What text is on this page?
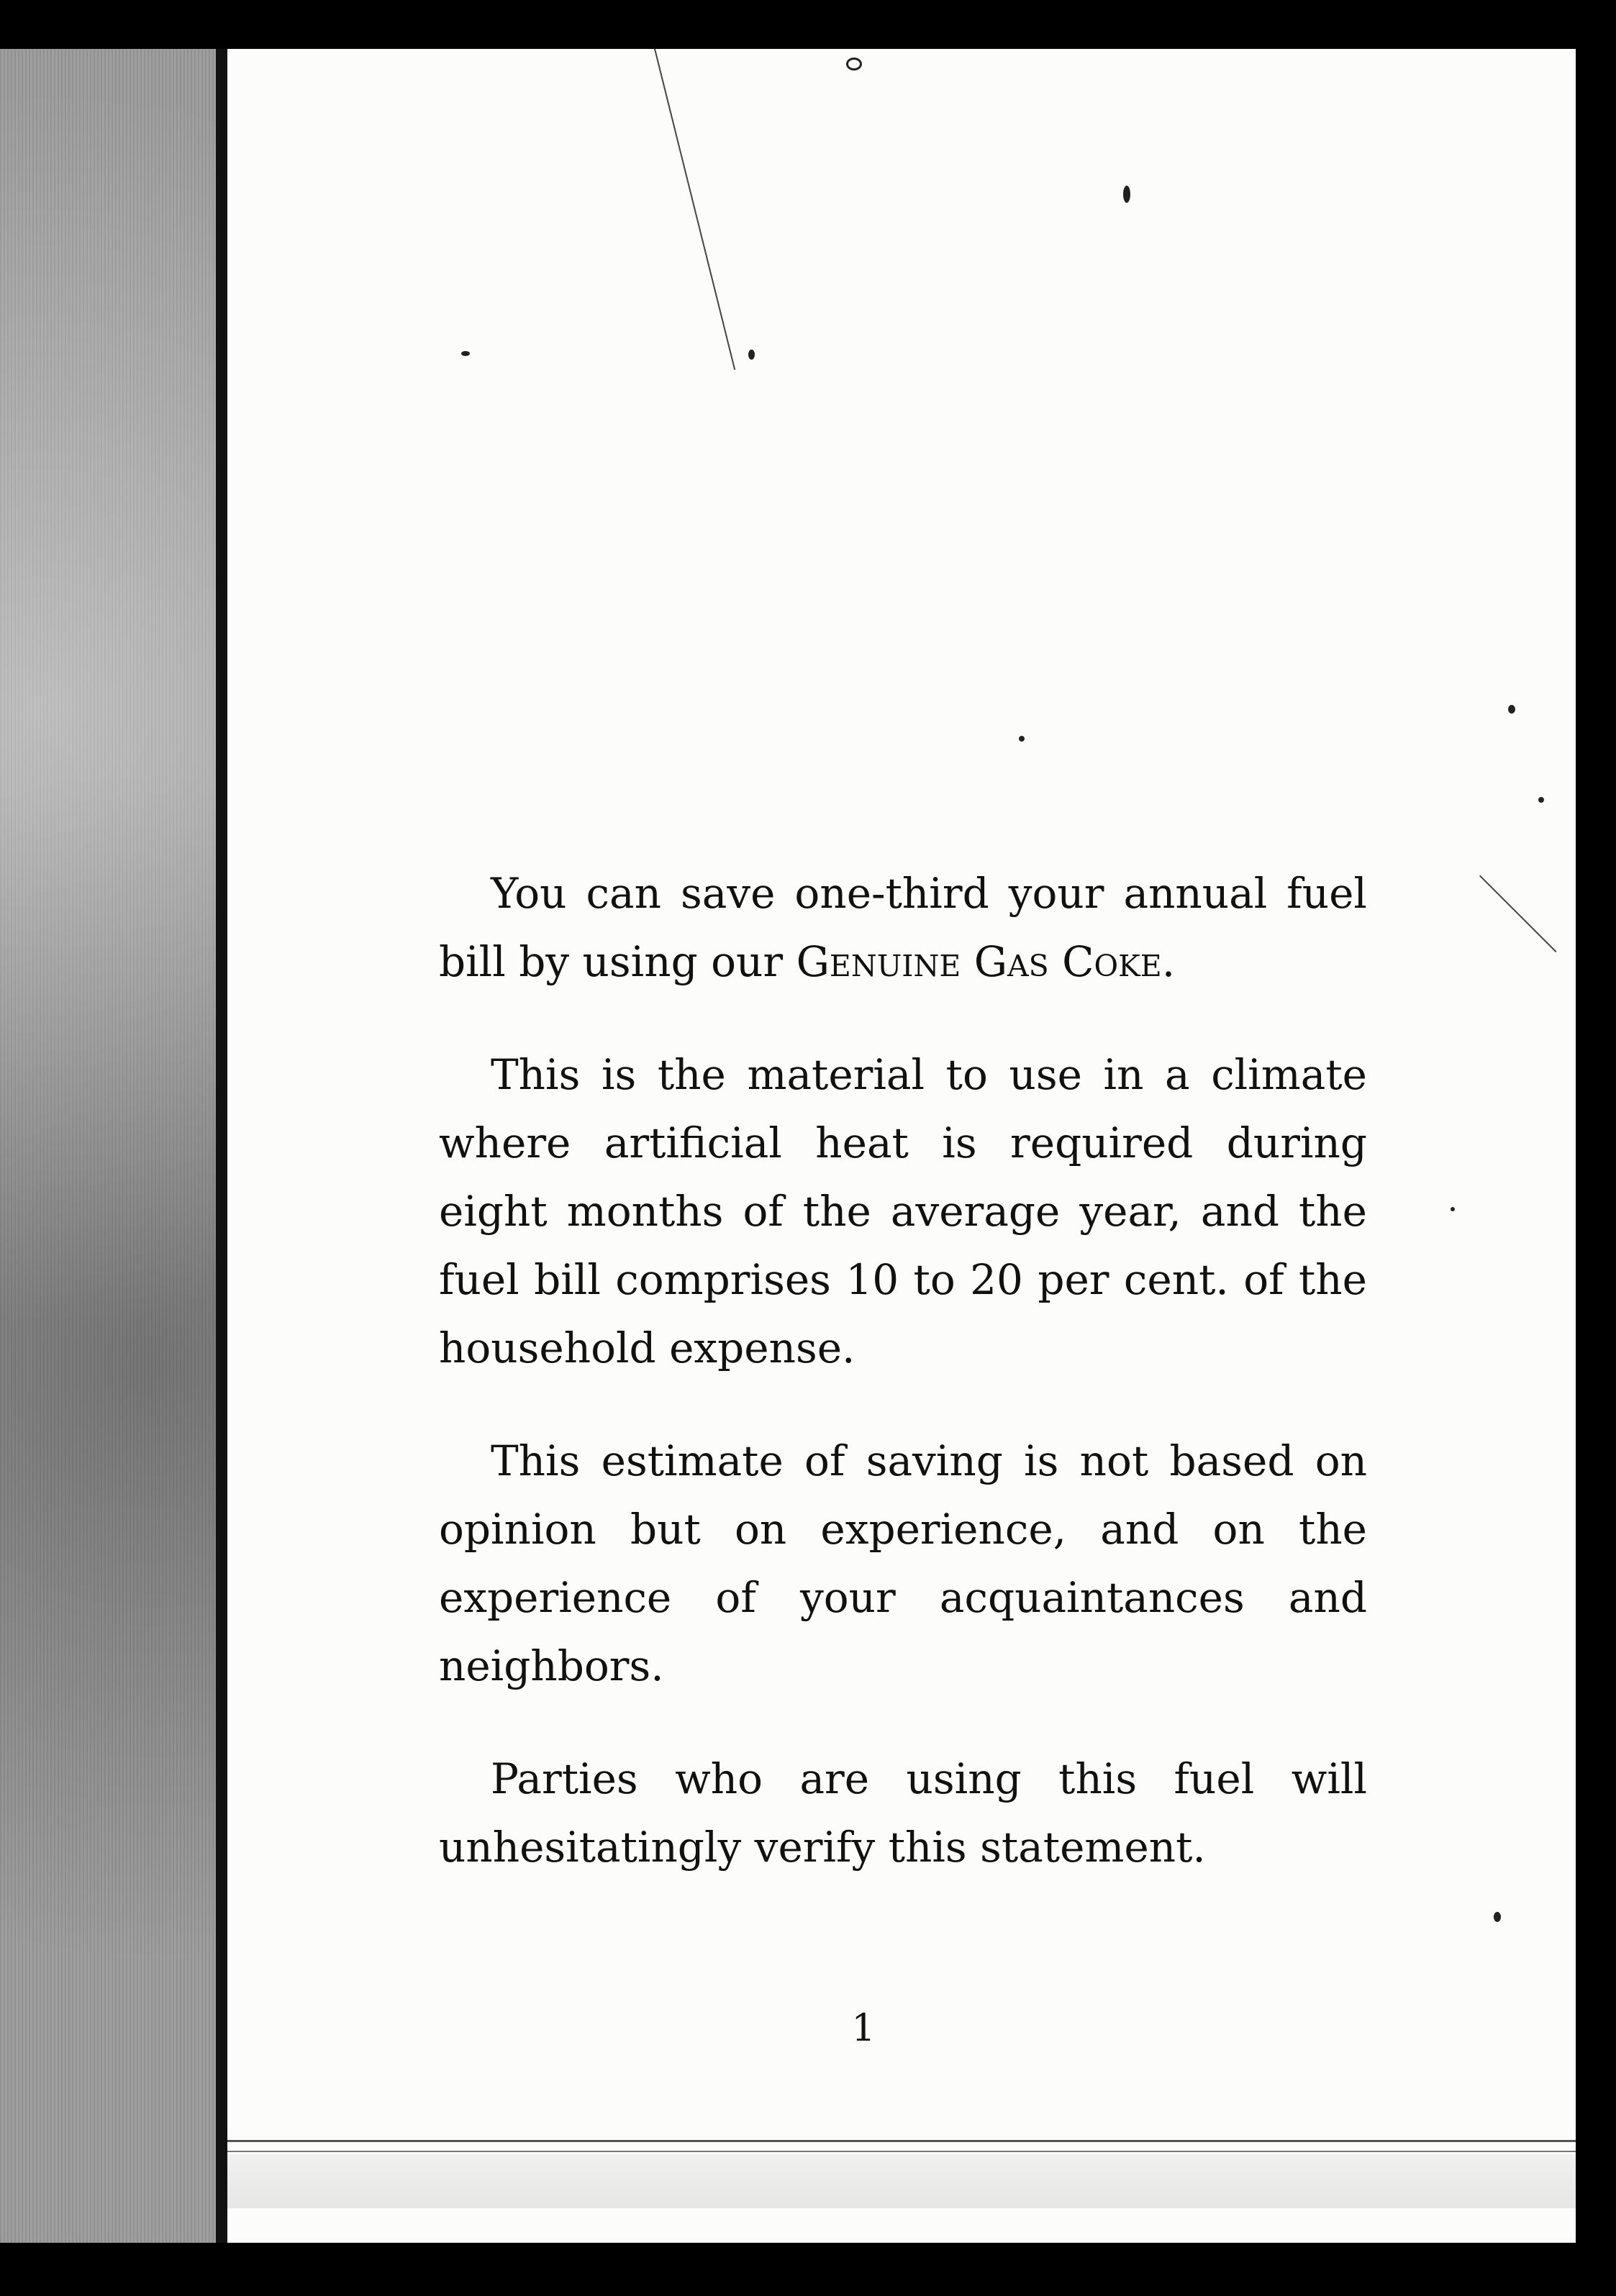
You can save one-third your annual fuel bill by using our Genuine Gas Coke.

This is the material to use in a climate where artificial heat is required during eight months of the average year, and the fuel bill comprises 10 to 20 per cent. of the household expense.

This estimate of saving is not based on opinion but on experience, and on the experience of your acquaintances and neighbors.

Parties who are using this fuel will unhesitatingly verify this statement.

1
